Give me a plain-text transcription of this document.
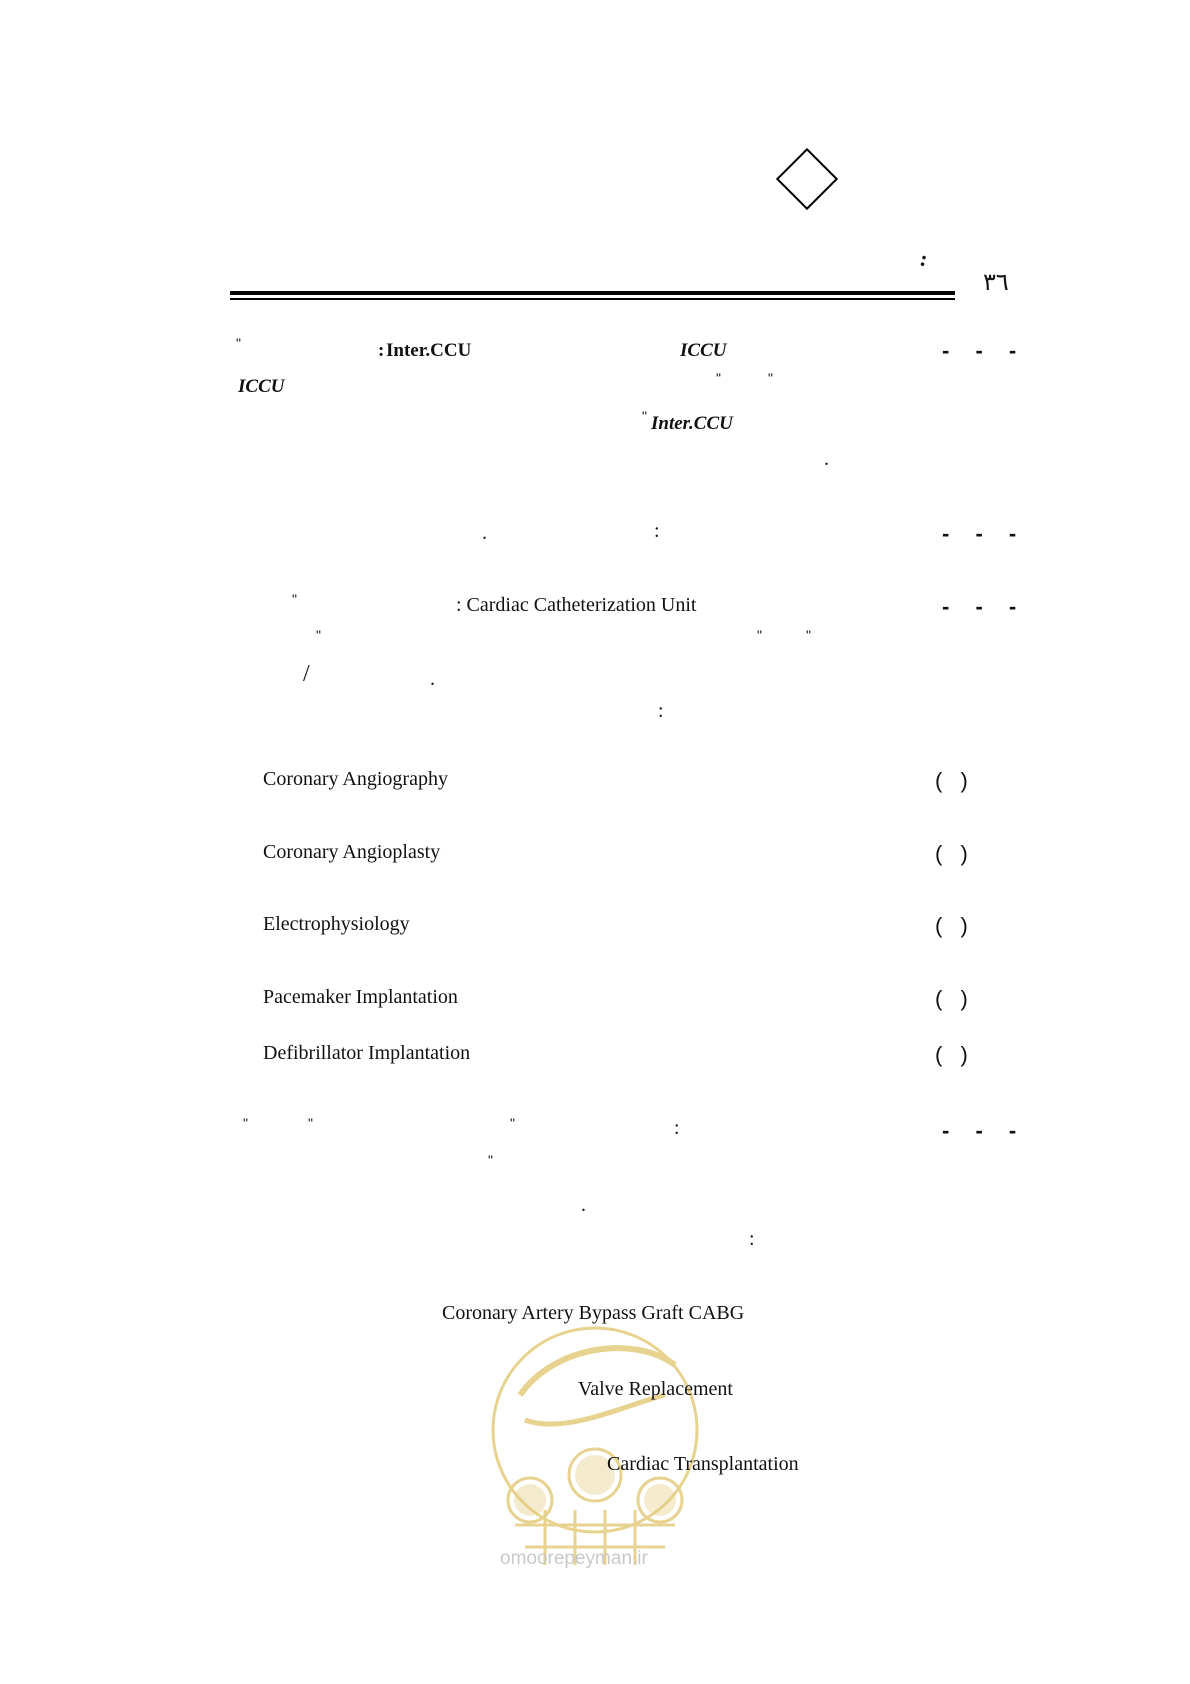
:
۳٦
- - -
"	: Inter.CCU	ICCU
ICCU	"	"
" Inter.CCU
.
- - -
:
.
- - -
"	: Cardiac Catheterization Unit
"	"	"
/	.
:
Coronary Angiography	( )
Coronary Angioplasty	( )
Electrophysiology	( )
Pacemaker Implantation	( )
Defibrillator Implantation	( )
- - -
"	"	"	:
"
.
:
omoorepeyman.ir
Coronary Artery Bypass Graft CABG
Valve Replacement
Cardiac Transplantation
